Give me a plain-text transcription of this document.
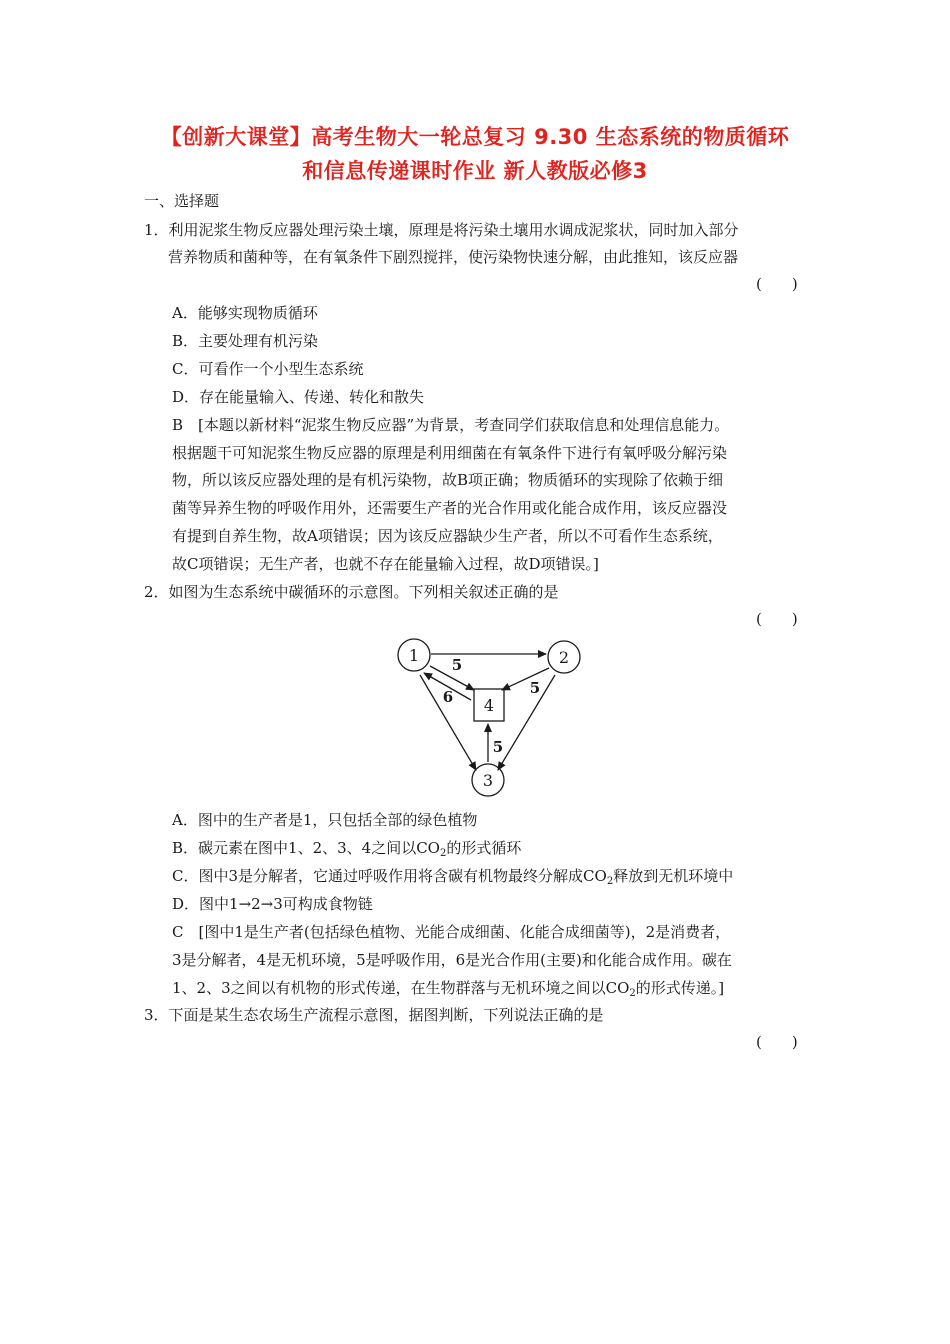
【创新大课堂】高考生物大一轮总复习 9.30 生态系统的物质循环
和信息传递课时作业 新人教版必修3
一、选择题
1．利用泥浆生物反应器处理污染土壤，原理是将污染土壤用水调成泥浆状，同时加入部分
营养物质和菌种等，在有氧条件下剧烈搅拌，使污染物快速分解，由此推知，该反应器
(　　)
A．能够实现物质循环
B．主要处理有机污染
C．可看作一个小型生态系统
D．存在能量输入、传递、转化和散失
B　[本题以新材料“泥浆生物反应器”为背景，考查同学们获取信息和处理信息能力。
根据题干可知泥浆生物反应器的原理是利用细菌在有氧条件下进行有氧呼吸分解污染
物，所以该反应器处理的是有机污染物，故B项正确；物质循环的实现除了依赖于细
菌等异养生物的呼吸作用外，还需要生产者的光合作用或化能合成作用，该反应器没
有提到自养生物，故A项错误；因为该反应器缺少生产者，所以不可看作生态系统，
故C项错误；无生产者，也就不存在能量输入过程，故D项错误。]
2．如图为生态系统中碳循环的示意图。下列相关叙述正确的是
(　　)
1	2
3
4
5
6	5
5
A．图中的生产者是1，只包括全部的绿色植物
B．碳元素在图中1、2、3、4之间以$CO_2$的形式循环
C．图中3是分解者，它通过呼吸作用将含碳有机物最终分解成$CO_2$释放到无机环境中
D．图中1→2→3可构成食物链
C　[图中1是生产者(包括绿色植物、光能合成细菌、化能合成细菌等)，2是消费者，
3是分解者，4是无机环境，5是呼吸作用，6是光合作用(主要)和化能合成作用。碳在
1、2、3之间以有机物的形式传递，在生物群落与无机环境之间以$CO_2$的形式传递。]
3．下面是某生态农场生产流程示意图，据图判断，下列说法正确的是
(　　)
